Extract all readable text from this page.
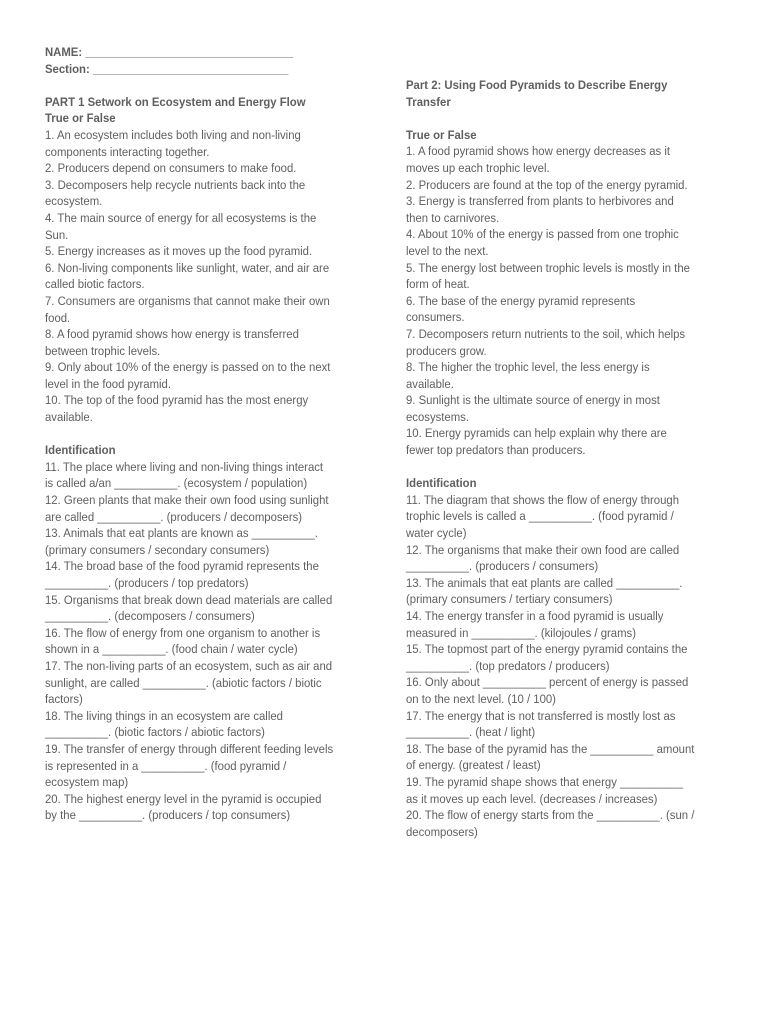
NAME: _________________________________
Section: _______________________________
PART 1 Setwork on Ecosystem and Energy Flow
True or False
1. An ecosystem includes both living and non-living
components interacting together.
2. Producers depend on consumers to make food.
3. Decomposers help recycle nutrients back into the
ecosystem.
4. The main source of energy for all ecosystems is the
Sun.
5. Energy increases as it moves up the food pyramid.
6. Non-living components like sunlight, water, and air are
called biotic factors.
7. Consumers are organisms that cannot make their own
food.
8. A food pyramid shows how energy is transferred
between trophic levels.
9. Only about 10% of the energy is passed on to the next
level in the food pyramid.
10. The top of the food pyramid has the most energy
available.
Identification
11. The place where living and non-living things interact
is called a/an __________. (ecosystem / population)
12. Green plants that make their own food using sunlight
are called __________. (producers / decomposers)
13. Animals that eat plants are known as __________.
(primary consumers / secondary consumers)
14. The broad base of the food pyramid represents the
__________. (producers / top predators)
15. Organisms that break down dead materials are called
__________. (decomposers / consumers)
16. The flow of energy from one organism to another is
shown in a __________. (food chain / water cycle)
17. The non-living parts of an ecosystem, such as air and
sunlight, are called __________. (abiotic factors / biotic
factors)
18. The living things in an ecosystem are called
__________. (biotic factors / abiotic factors)
19. The transfer of energy through different feeding levels
is represented in a __________. (food pyramid /
ecosystem map)
20. The highest energy level in the pyramid is occupied
by the __________. (producers / top consumers)
Part 2: Using Food Pyramids to Describe Energy
Transfer
True or False
1. A food pyramid shows how energy decreases as it
moves up each trophic level.
2. Producers are found at the top of the energy pyramid.
3. Energy is transferred from plants to herbivores and
then to carnivores.
4. About 10% of the energy is passed from one trophic
level to the next.
5. The energy lost between trophic levels is mostly in the
form of heat.
6. The base of the energy pyramid represents
consumers.
7. Decomposers return nutrients to the soil, which helps
producers grow.
8. The higher the trophic level, the less energy is
available.
9. Sunlight is the ultimate source of energy in most
ecosystems.
10. Energy pyramids can help explain why there are
fewer top predators than producers.
Identification
11. The diagram that shows the flow of energy through
trophic levels is called a __________. (food pyramid /
water cycle)
12. The organisms that make their own food are called
__________. (producers / consumers)
13. The animals that eat plants are called __________.
(primary consumers / tertiary consumers)
14. The energy transfer in a food pyramid is usually
measured in __________. (kilojoules / grams)
15. The topmost part of the energy pyramid contains the
__________. (top predators / producers)
16. Only about __________ percent of energy is passed
on to the next level. (10 / 100)
17. The energy that is not transferred is mostly lost as
__________. (heat / light)
18. The base of the pyramid has the __________ amount
of energy. (greatest / least)
19. The pyramid shape shows that energy __________
as it moves up each level. (decreases / increases)
20. The flow of energy starts from the __________. (sun /
decomposers)
